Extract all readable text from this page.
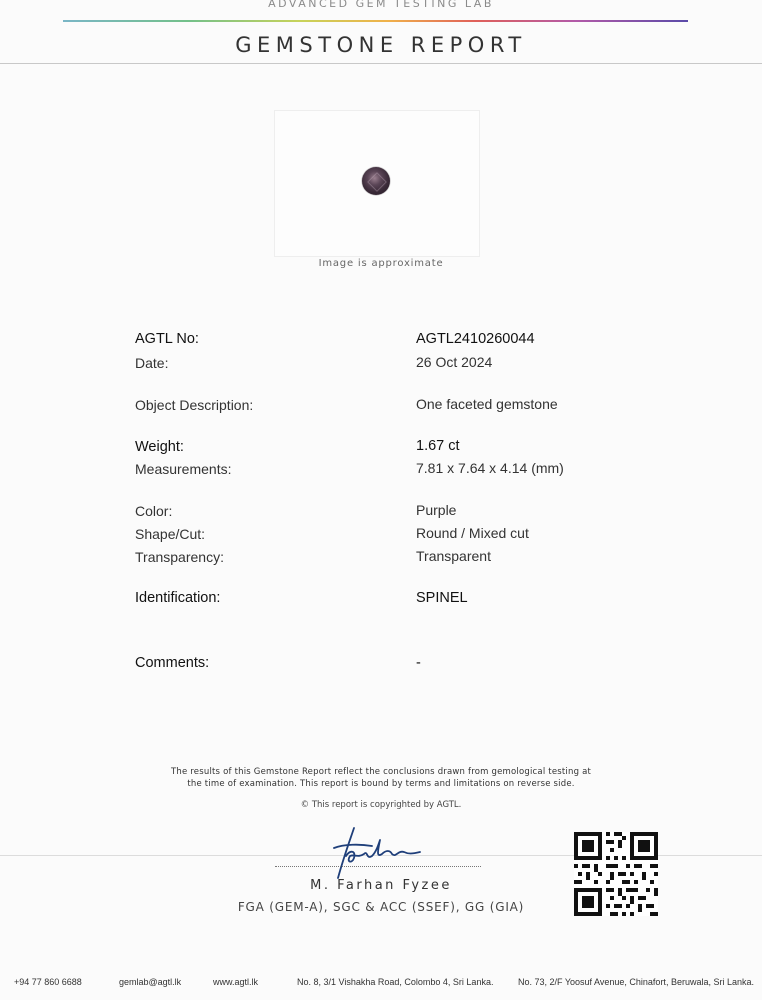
ADVANCED GEM TESTING LAB
GEMSTONE REPORT
Image is approximate
AGTL No:	AGTL2410260044
Date:	26 Oct 2024
Object Description:	One faceted gemstone
Weight:	1.67 ct
Measurements:	7.81 x 7.64 x 4.14 (mm)
Color:	Purple
Shape/Cut:	Round / Mixed cut
Transparency:	Transparent
Identification:	SPINEL
Comments:	-
The results of this Gemstone Report reflect the conclusions drawn from gemological testing at
the time of examination. This report is bound by terms and limitations on reverse side.
© This report is copyrighted by AGTL.
M. Farhan Fyzee
FGA (GEM-A), SGC & ACC (SSEF), GG (GIA)
+94 77 860 6688	gemlab@agtl.lk	www.agtl.lk	No. 8, 3/1 Vishakha Road, Colombo 4, Sri Lanka.	No. 73, 2/F Yoosuf Avenue, Chinafort, Beruwala, Sri Lanka.
